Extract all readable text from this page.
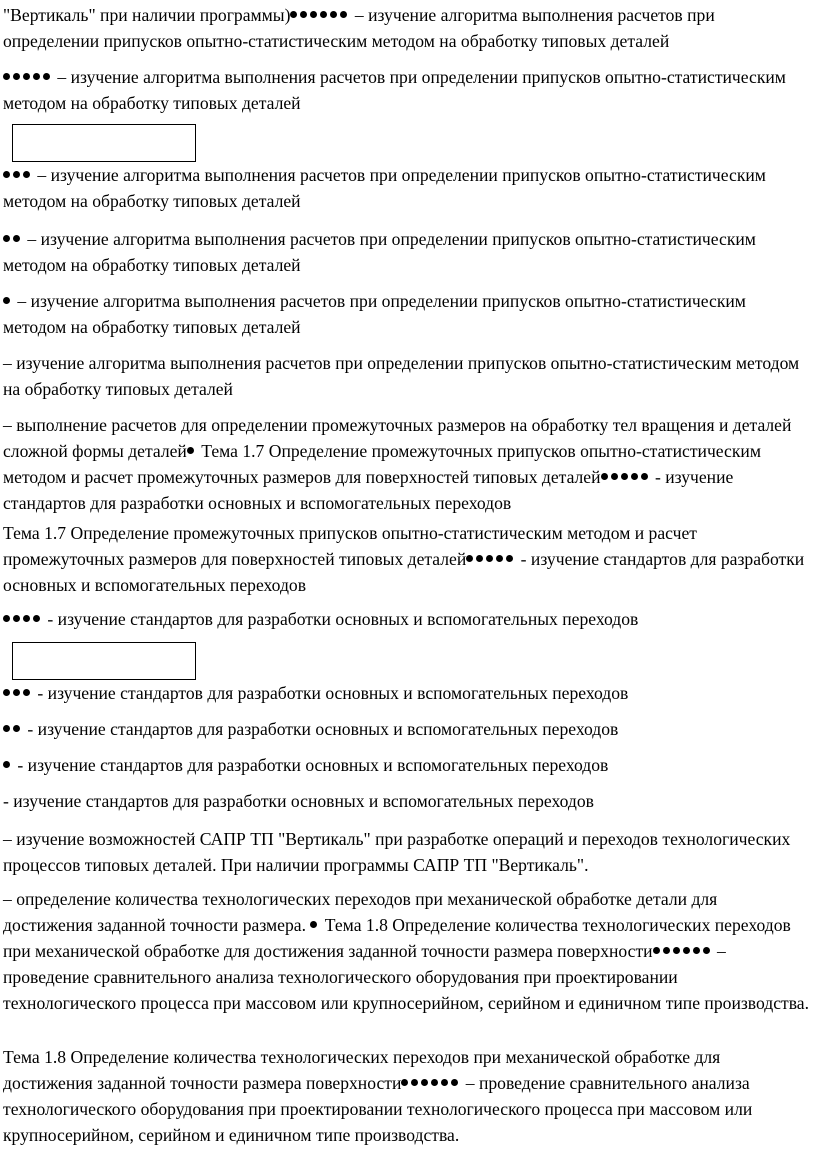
"Вертикаль" при наличии программы)	– изучение алгоритма выполнения расчетов при определении припусков опытно-статистическим методом на обработку типовых деталей

– изучение алгоритма выполнения расчетов при определении припусков опытно-статистическим методом на обработку типовых деталей

– изучение алгоритма выполнения расчетов при определении припусков опытно-статистическим методом на обработку типовых деталей

– изучение алгоритма выполнения расчетов при определении припусков опытно-статистическим методом на обработку типовых деталей

– изучение алгоритма выполнения расчетов при определении припусков опытно-статистическим методом на обработку типовых деталей

– изучение алгоритма выполнения расчетов при определении припусков опытно-статистическим методом на обработку типовых деталей

– выполнение расчетов для определении промежуточных размеров на обработку тел вращения и деталей сложной формы деталей Тема 1.7 Определение промежуточных припусков опытно-статистическим методом и расчет промежуточных размеров для поверхностей типовых деталей	- изучение стандартов для разработки основных и вспомогательных переходов

Тема 1.7 Определение промежуточных припусков опытно-статистическим методом и расчет промежуточных размеров для поверхностей типовых деталей	- изучение стандартов для разработки основных и вспомогательных переходов

- изучение стандартов для разработки основных и вспомогательных переходов

- изучение стандартов для разработки основных и вспомогательных переходов

- изучение стандартов для разработки основных и вспомогательных переходов

- изучение стандартов для разработки основных и вспомогательных переходов

- изучение стандартов для разработки основных и вспомогательных переходов

– изучение возможностей САПР ТП "Вертикаль" при разработке операций и переходов технологических процессов типовых деталей. При наличии программы САПР ТП "Вертикаль".

– определение количества технологических переходов при механической обработке детали для достижения заданной точности размера.  Тема 1.8 Определение количества технологических переходов при механической обработке для достижения заданной точности размера поверхности	– проведение сравнительного анализа технологического оборудования при проектировании технологического процесса при массовом или крупносерийном, серийном и единичном типе производства.

Тема 1.8 Определение количества технологических переходов при механической обработке для достижения заданной точности размера поверхности	– проведение сравнительного анализа технологического оборудования при проектировании технологического процесса при массовом или крупносерийном, серийном и единичном типе производства.
